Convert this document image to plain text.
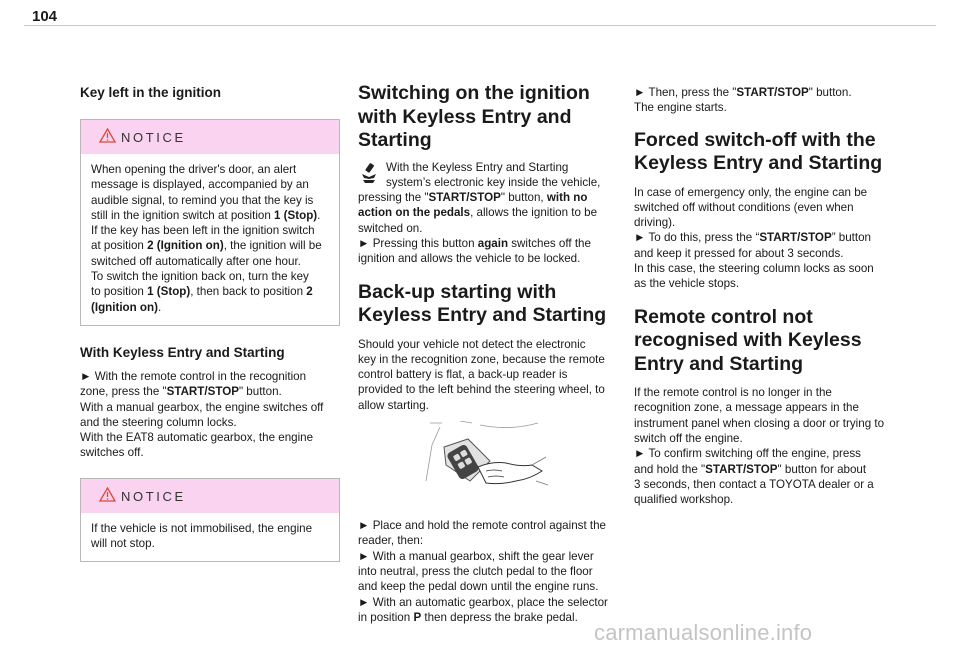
104
Key left in the ignition
NOTICE

When opening the driver's door, an alert

message is displayed, accompanied by an

audible signal, to remind you that the key is

still in the ignition switch at position 1 (Stop).

If the key has been left in the ignition switch

at position 2 (Ignition on), the ignition will be

switched off automatically after one hour.

To switch the ignition back on, turn the key

to position 1 (Stop), then back to position 2

(Ignition on).

With Keyless Entry and Starting

► With the remote control in the recognition

zone, press the "START/STOP" button.

With a manual gearbox, the engine switches off

and the steering column locks.

With the EAT8 automatic gearbox, the engine

switches off.

NOTICE

If the vehicle is not immobilised, the engine

will not stop.

Switching on the ignition

with Keyless Entry and

Starting

With the Keyless Entry and Starting

system’s electronic key inside the vehicle,

pressing the "START/STOP" button, with no

action on the pedals, allows the ignition to be

switched on.

► Pressing this button again switches off the

ignition and allows the vehicle to be locked.

Back-up starting with

Keyless Entry and Starting

Should your vehicle not detect the electronic

key in the recognition zone, because the remote

control battery is flat, a back-up reader is

provided to the left behind the steering wheel, to

allow starting.

► Place and hold the remote control against the

reader, then:

► With a manual gearbox, shift the gear lever

into neutral, press the clutch pedal to the floor

and keep the pedal down until the engine runs.

► With an automatic gearbox, place the selector

in position P then depress the brake pedal.

► Then, press the "START/STOP" button.

The engine starts.

Forced switch-off with the

Keyless Entry and Starting

In case of emergency only, the engine can be

switched off without conditions (even when

driving).

► To do this, press the “START/STOP” button

and keep it pressed for about 3 seconds.

In this case, the steering column locks as soon

as the vehicle stops.

Remote control not

recognised with Keyless

Entry and Starting

If the remote control is no longer in the

recognition zone, a message appears in the

instrument panel when closing a door or trying to

switch off the engine.

► To confirm switching off the engine, press

and hold the "START/STOP" button for about

3 seconds, then contact a TOYOTA dealer or a

qualified workshop.

carmanualsonline.info
